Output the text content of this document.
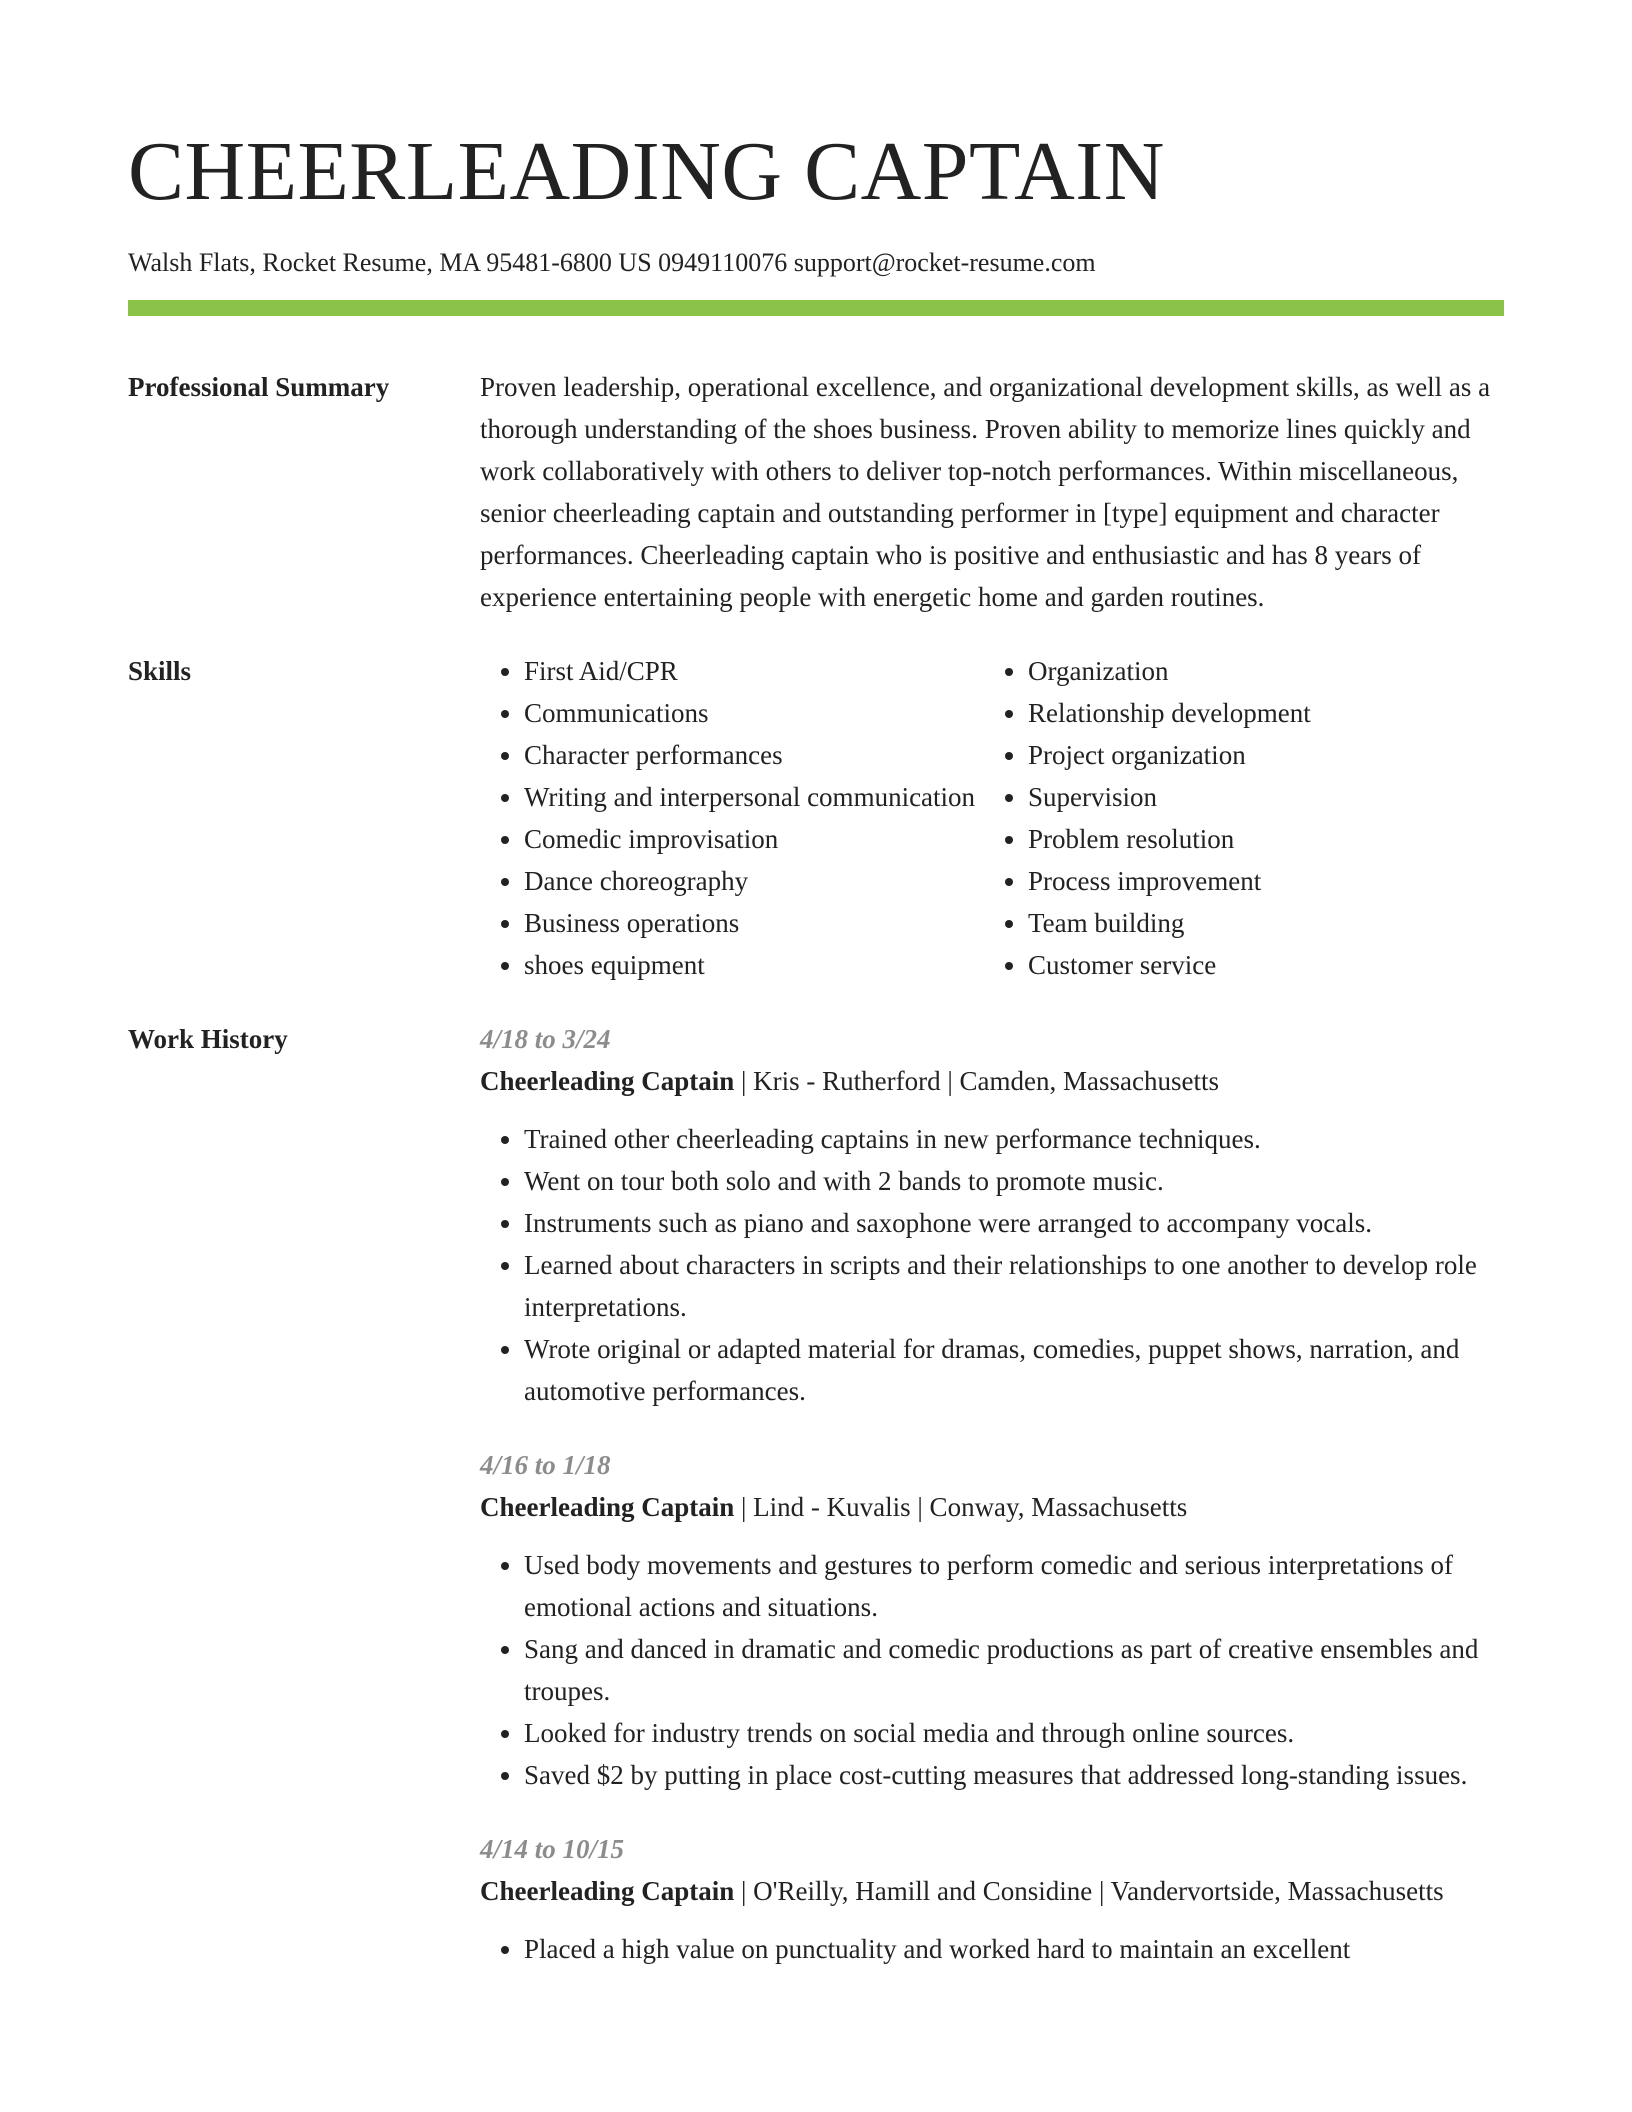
CHEERLEADING CAPTAIN
Walsh Flats, Rocket Resume, MA 95481-6800 US 0949110076 support@rocket-resume.com
Professional Summary	Proven leadership, operational excellence, and organizational development skills, as well as a thorough understanding of the shoes business. Proven ability to memorize lines quickly and work collaboratively with others to deliver top-notch performances. Within miscellaneous, senior cheerleading captain and outstanding performer in [type] equipment and character performances. Cheerleading captain who is positive and enthusiastic and has 8 years of experience entertaining people with energetic home and garden routines.

Skills
•	First Aid/CPR
• Communications
• Character performances
• Writing and interpersonal communication
• Comedic improvisation
• Dance choreography
• Business operations
• shoes equipment
• Organization
• Relationship development
• Project organization
• Supervision
• Problem resolution
• Process improvement
• Team building
• Customer service
Work History	4/18 to 3/24
Cheerleading Captain | Kris - Rutherford | Camden, Massachusetts
• Trained other cheerleading captains in new performance techniques.
• Went on tour both solo and with 2 bands to promote music.
• Instruments such as piano and saxophone were arranged to accompany vocals.
• Learned about characters in scripts and their relationships to one another to develop role interpretations.
• Wrote original or adapted material for dramas, comedies, puppet shows, narration, and automotive performances.
4/16 to 1/18
Cheerleading Captain | Lind - Kuvalis | Conway, Massachusetts
• Used body movements and gestures to perform comedic and serious interpretations of emotional actions and situations.
• Sang and danced in dramatic and comedic productions as part of creative ensembles and troupes.
• Looked for industry trends on social media and through online sources.
• Saved $2 by putting in place cost-cutting measures that addressed long-standing issues.
4/14 to 10/15
Cheerleading Captain | O'Reilly, Hamill and Considine | Vandervortside, Massachusetts
• Placed a high value on punctuality and worked hard to maintain an excellent
